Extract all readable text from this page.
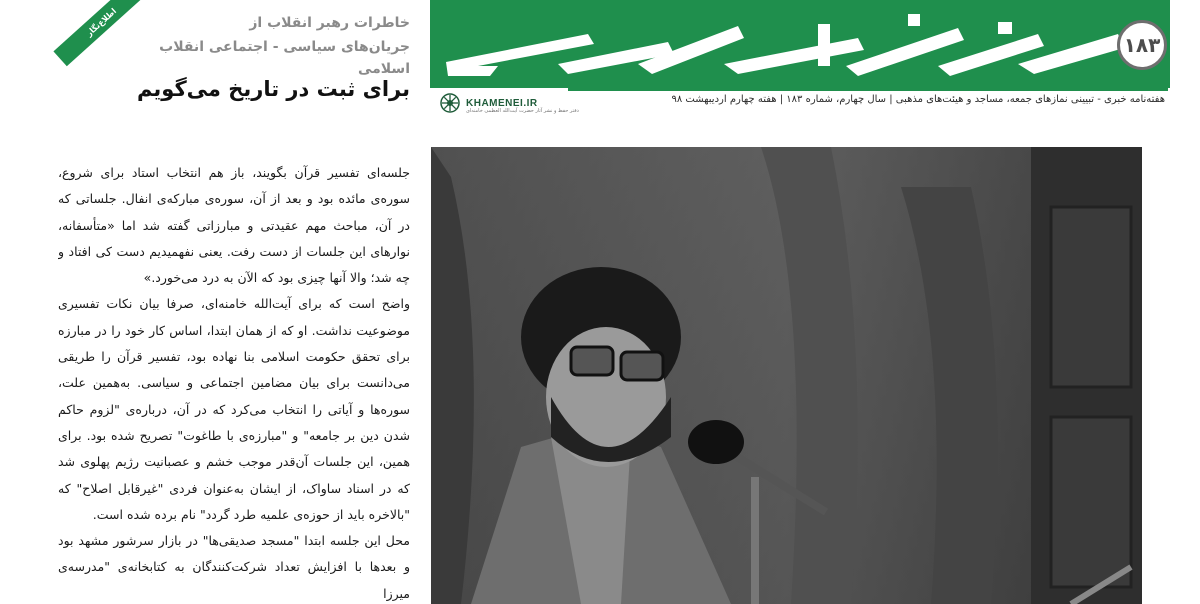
۱۸۳
هفته‌نامه خبری - تبیینی نمازهای جمعه، مساجد و هیئت‌های مذهبی | سال چهارم، شماره ۱۸۳ | هفته چهارم اردیبهشت ۹۸
KHAMENEI.IR
دفتر حفظ و نشر آثار حضرت آیت‌الله العظمی خامنه‌ای
اطلاع‌نگار	خاطرات رهبر انقلاب از
جریان‌های سیاسی - اجتماعی انقلاب اسلامی
برای ثبت در تاریخ می‌گویم

جلسه‌ای تفسیر قرآن بگویند، باز هم انتخاب استاد برای شروع، سوره‌ی مائده بود و بعد از آن، سوره‌ی مبارکه‌ی انفال. جلساتی که در آن، مباحث مهم عقیدتی و مبارزاتی گفته شد اما «متأسفانه، نوارهای این جلسات از دست رفت. یعنی نفهمیدیم دست کی افتاد و چه شد؛ والا آنها چیزی بود که الآن به درد می‌خورد.»

واضح است که برای آیت‌الله خامنه‌ای، صرفا بیان نکات تفسیری موضوعیت نداشت. او که از همان ابتدا، اساس کار خود را در مبارزه برای تحقق حکومت اسلامی بنا نهاده بود، تفسیر قرآن را طریقی می‌دانست برای بیان مضامین اجتماعی و سیاسی. به‌همین علت، سوره‌ها و آیاتی را انتخاب می‌کرد که در آن، درباره‌ی "لزوم حاکم شدن دین بر جامعه" و "مبارزه‌ی با طاغوت" تصریح شده بود. برای همین، این جلسات آن‌قدر موجب خشم و عصبانیت رژیم پهلوی شد که در اسناد ساواک، از ایشان به‌عنوان فردی "غیرقابل اصلاح" که "بالاخره باید از حوزه‌ی علمیه طرد گردد" نام برده شده است.

محل این جلسه ابتدا "مسجد صدیقی‌ها" در بازار سرشور مشهد بود و بعدها با افزایش تعداد شرکت‌کنندگان به کتابخانه‌ی "مدرسه‌ی میرزا
